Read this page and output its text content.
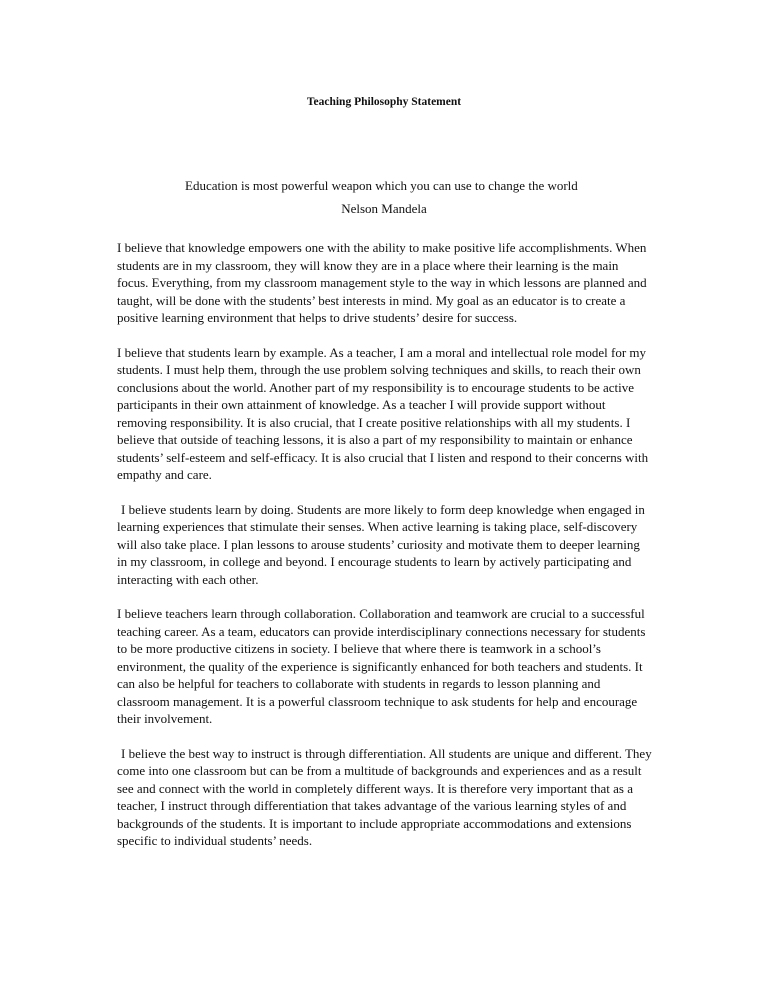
Teaching Philosophy Statement

Education is most powerful weapon which you can use to change the world

Nelson Mandela

I believe that knowledge empowers one with the ability to make positive life accomplishments. When students are in my classroom, they will know they are in a place where their learning is the main focus. Everything, from my classroom management style to the way in which lessons are planned and taught, will be done with the students’ best interests in mind. My goal as an educator is to create a positive learning environment that helps to drive students’ desire for success.

I believe that students learn by example. As a teacher, I am a moral and intellectual role model for my students. I must help them, through the use problem solving techniques and skills, to reach their own conclusions about the world. Another part of my responsibility is to encourage students to be active participants in their own attainment of knowledge. As a teacher I will provide support without removing responsibility. It is also crucial, that I create positive relationships with all my students. I believe that outside of teaching lessons, it is also a part of my responsibility to maintain or enhance students’ self-esteem and self-efficacy. It is also crucial that I listen and respond to their concerns with empathy and care.

I believe students learn by doing. Students are more likely to form deep knowledge when engaged in learning experiences that stimulate their senses. When active learning is taking place, self-discovery will also take place. I plan lessons to arouse students’ curiosity and motivate them to deeper learning in my classroom, in college and beyond. I encourage students to learn by actively participating and interacting with each other.

I believe teachers learn through collaboration. Collaboration and teamwork are crucial to a successful teaching career. As a team, educators can provide interdisciplinary connections necessary for students to be more productive citizens in society. I believe that where there is teamwork in a school’s environment, the quality of the experience is significantly enhanced for both teachers and students. It can also be helpful for teachers to collaborate with students in regards to lesson planning and classroom management. It is a powerful classroom technique to ask students for help and encourage their involvement.

I believe the best way to instruct is through differentiation. All students are unique and different. They come into one classroom but can be from a multitude of backgrounds and experiences and as a result see and connect with the world in completely different ways. It is therefore very important that as a teacher, I instruct through differentiation that takes advantage of the various learning styles of and backgrounds of the students. It is important to include appropriate accommodations and extensions specific to individual students’ needs.
